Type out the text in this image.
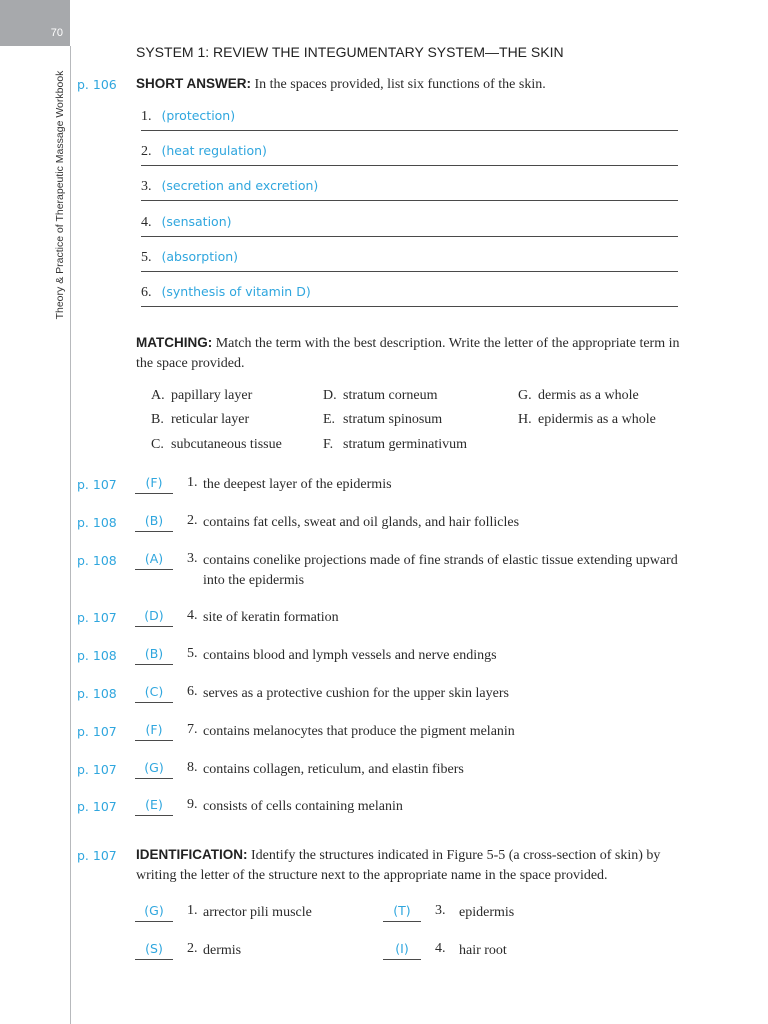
70
Theory & Practice of Therapeutic Massage Workbook
SYSTEM 1: REVIEW THE INTEGUMENTARY SYSTEM—THE SKIN
p. 106 SHORT ANSWER: In the spaces provided, list six functions of the skin.
1. (protection)
2. (heat regulation)
3. (secretion and excretion)
4. (sensation)
5. (absorption)
6. (synthesis of vitamin D)
MATCHING: Match the term with the best description. Write the letter of the appropriate term in the space provided.
A. papillary layer
B. reticular layer
C. subcutaneous tissue
D. stratum corneum
E. stratum spinosum
F. stratum germinativum
G. dermis as a whole
H. epidermis as a whole
p. 107	(F)	1. the deepest layer of the epidermis
p. 108	(B)	2. contains fat cells, sweat and oil glands, and hair follicles
p. 108	(A)	3. contains conelike projections made of fine strands of elastic tissue extending upward into the epidermis
p. 107	(D)	4. site of keratin formation
p. 108	(B)	5. contains blood and lymph vessels and nerve endings
p. 108	(C)	6. serves as a protective cushion for the upper skin layers
p. 107	(F)	7. contains melanocytes that produce the pigment melanin
p. 107	(G)	8. contains collagen, reticulum, and elastin fibers
p. 107	(E)	9. consists of cells containing melanin
p. 107 IDENTIFICATION: Identify the structures indicated in Figure 5-5 (a cross-section of skin) by writing the letter of the structure next to the appropriate name in the space provided.
(G)	1. arrector pili muscle
(S)	2. dermis
(T)	3. epidermis
(I)	4. hair root
